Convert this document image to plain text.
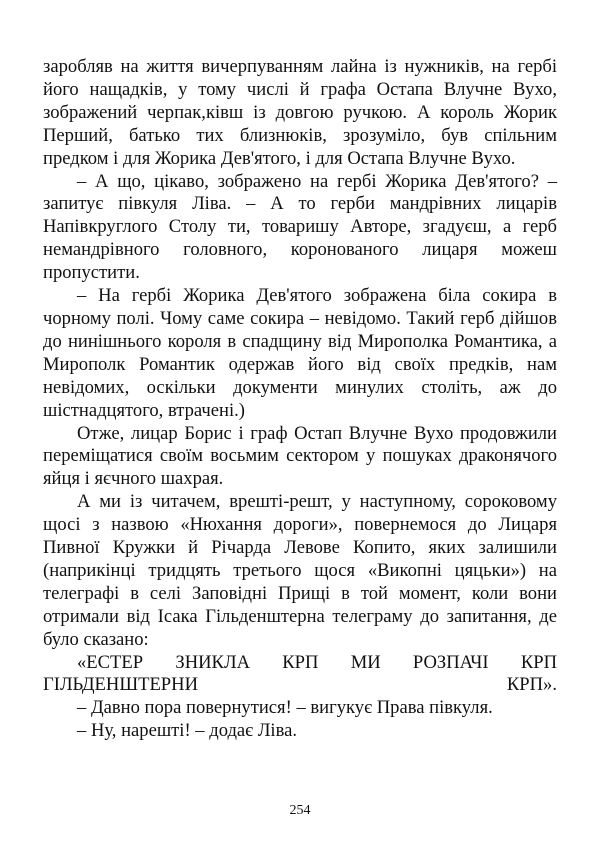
заробляв на життя вичерпуванням лайна із нужників, на гербі його нащадків, у тому числі й графа Остапа Влучне Вухо, зображений черпак,ківш із довгою ручкою. А король Жорик Перший, батько тих близнюків, зрозуміло, був спільним предком і для Жорика Дев'ятого, і для Остапа Влучне Вухо.

– А що, цікаво, зображено на гербі Жорика Дев'ятого? – запитує півкуля Ліва. – А то герби мандрівних лицарів Напівкруглого Столу ти, товаришу Авторе, згадуєш, а герб немандрівного головного, коронованого лицаря можеш пропустити.

– На гербі Жорика Дев'ятого зображена біла сокира в чорному полі. Чому саме сокира – невідомо. Такий герб дійшов до нинішнього короля в спадщину від Мирополка Романтика, а Мирополк Романтик одержав його від своїх предків, нам невідомих, оскільки документи минулих століть, аж до шістнадцятого, втрачені.)

Отже, лицар Борис і граф Остап Влучне Вухо продовжили переміщатися своїм восьмим сектором у пошуках драконячого яйця і яєчного шахрая.

А ми із читачем, врешті-решт, у наступному, сороковому щосі з назвою «Нюхання дороги», повернемося до Лицаря Пивної Кружки й Річарда Левове Копито, яких залишили (наприкінці тридцять третього щося «Викопні цяцьки») на телеграфі в селі Заповідні Прищі в той момент, коли вони отримали від Ісака Гільденштерна телеграму до запитання, де було сказано:

«ЕСТЕР ЗНИКЛА КРП МИ РОЗПАЧІ КРП ГІЛЬДЕНШТЕРНИ КРП».

– Давно пора повернутися! – вигукує Права півкуля.

– Ну, нарешті! – додає Ліва.

254
